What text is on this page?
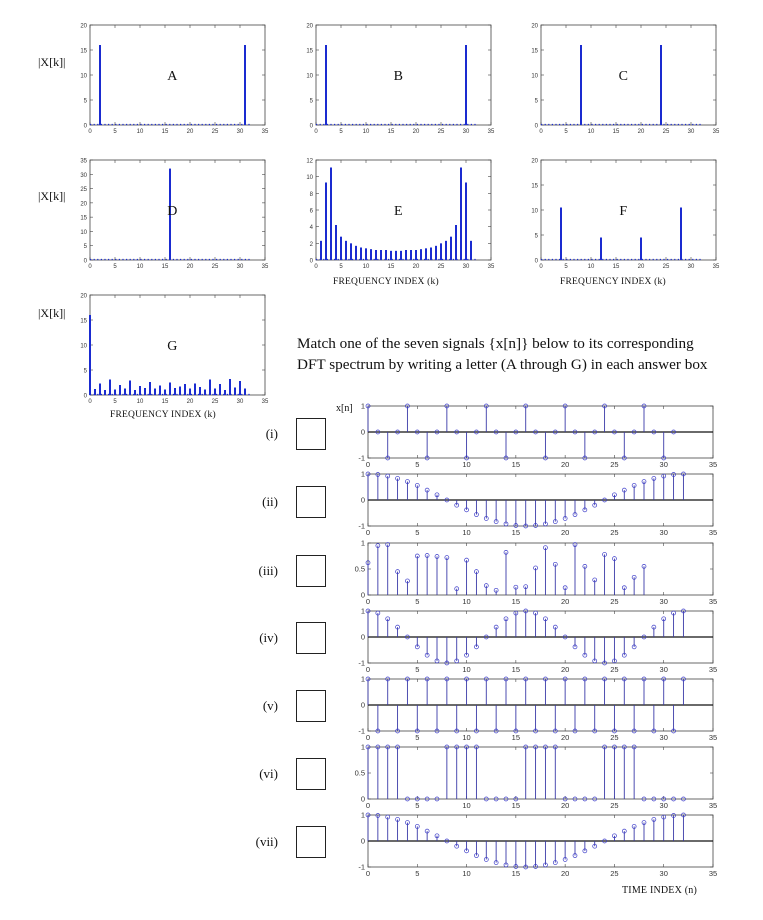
|X[k]|
|X[k]|
|X[k]|
FREQUENCY INDEX (k)	FREQUENCY INDEX (k)
FREQUENCY INDEX (k)
Match one of the seven signals {x[n]} below to its corresponding
DFT spectrum by writing a letter (A through G) in each answer box
x[n]
TIME INDEX (n)
(i)
(ii)
(iii)
(iv)
(v)
(vi)
(vii)
0	5	10	15	20	25	30	35
0
5
10
15
20
A
0	5	10	15	20	25	30	35
0
5
10
15
20
B
0	5	10	15	20	25	30	35
0
5
10
15
20
C
0	5	10	15	20	25	30	35
0
5
10
15
20
25
30
35
D
0	5	10	15	20	25	30	35
0
2
4
6
8
10
12
E
0	5	10	15	20	25	30	35
0
5
10
15
20
F
0	5	10	15	20	25	30	35
0
5
10
15
20
G
0	5	10	15	20	25	30	35
-1
0
1
0	5	10	15	20	25	30	35
-1
0
1
0	5	10	15	20	25	30	35
0
0.5
1
0	5	10	15	20	25	30	35
-1
0
1
0	5	10	15	20	25	30	35
-1
0
1
0	5	10	15	20	25	30	35
0
0.5
1
0	5	10	15	20	25	30	35
-1
0
1
